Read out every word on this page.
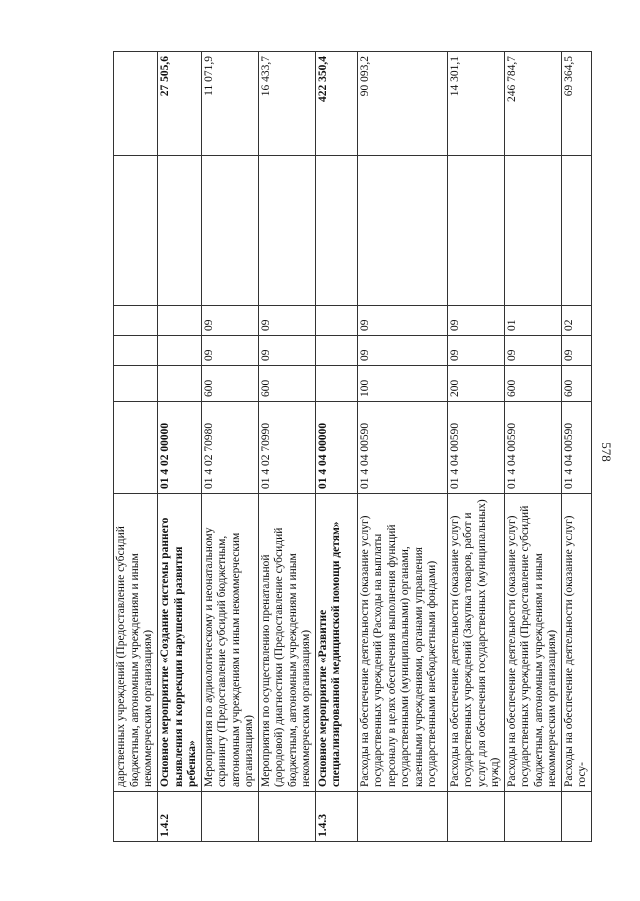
578
	дарственных учреждений (Предоставление субсидий бюджетным, автономным учреждениям и иным некоммерческим организациям)						
1.4.2	Основное мероприятие «Создание системы раннего выявления и коррекции нарушений развития ребенка»	01 4 02 00000					27 505,6
	Мероприятия по аудиологическому и неонатальному скринингу (Предоставление субсидий бюджетным, автономным учреждениям и иным некоммерческим организациям)	01 4 02 70980	600	09	09		11 071,9
	Мероприятия по осуществлению пренатальной (дородовой) диагностики (Предоставление субсидий бюджетным, автономным учреждениям и иным некоммерческим организациям)	01 4 02 70990	600	09	09		16 433,7
1.4.3	Основное мероприятие «Развитие специализированной медицинской помощи детям»	01 4 04 00000					422 350,4
	Расходы на обеспечение деятельности (оказание услуг) государственных учреждений (Расходы на выплаты персоналу в целях обеспечения выполнения функций государственными (муниципальными) органами, казенными учреждениями, органами управления государственными внебюджетными фондами)	01 4 04 00590	100	09	09		90 093,2
	Расходы на обеспечение деятельности (оказание услуг) государственных учреждений (Закупка товаров, работ и услуг для обеспечения государственных (муниципальных) нужд)	01 4 04 00590	200	09	09		14 301,1
	Расходы на обеспечение деятельности (оказание услуг) государственных учреждений (Предоставление субсидий бюджетным, автономным учреждениям и иным некоммерческим организациям)	01 4 04 00590	600	09	01		246 784,7
	Расходы на обеспечение деятельности (оказание услуг) госу-	01 4 04 00590	600	09	02		69 364,5
